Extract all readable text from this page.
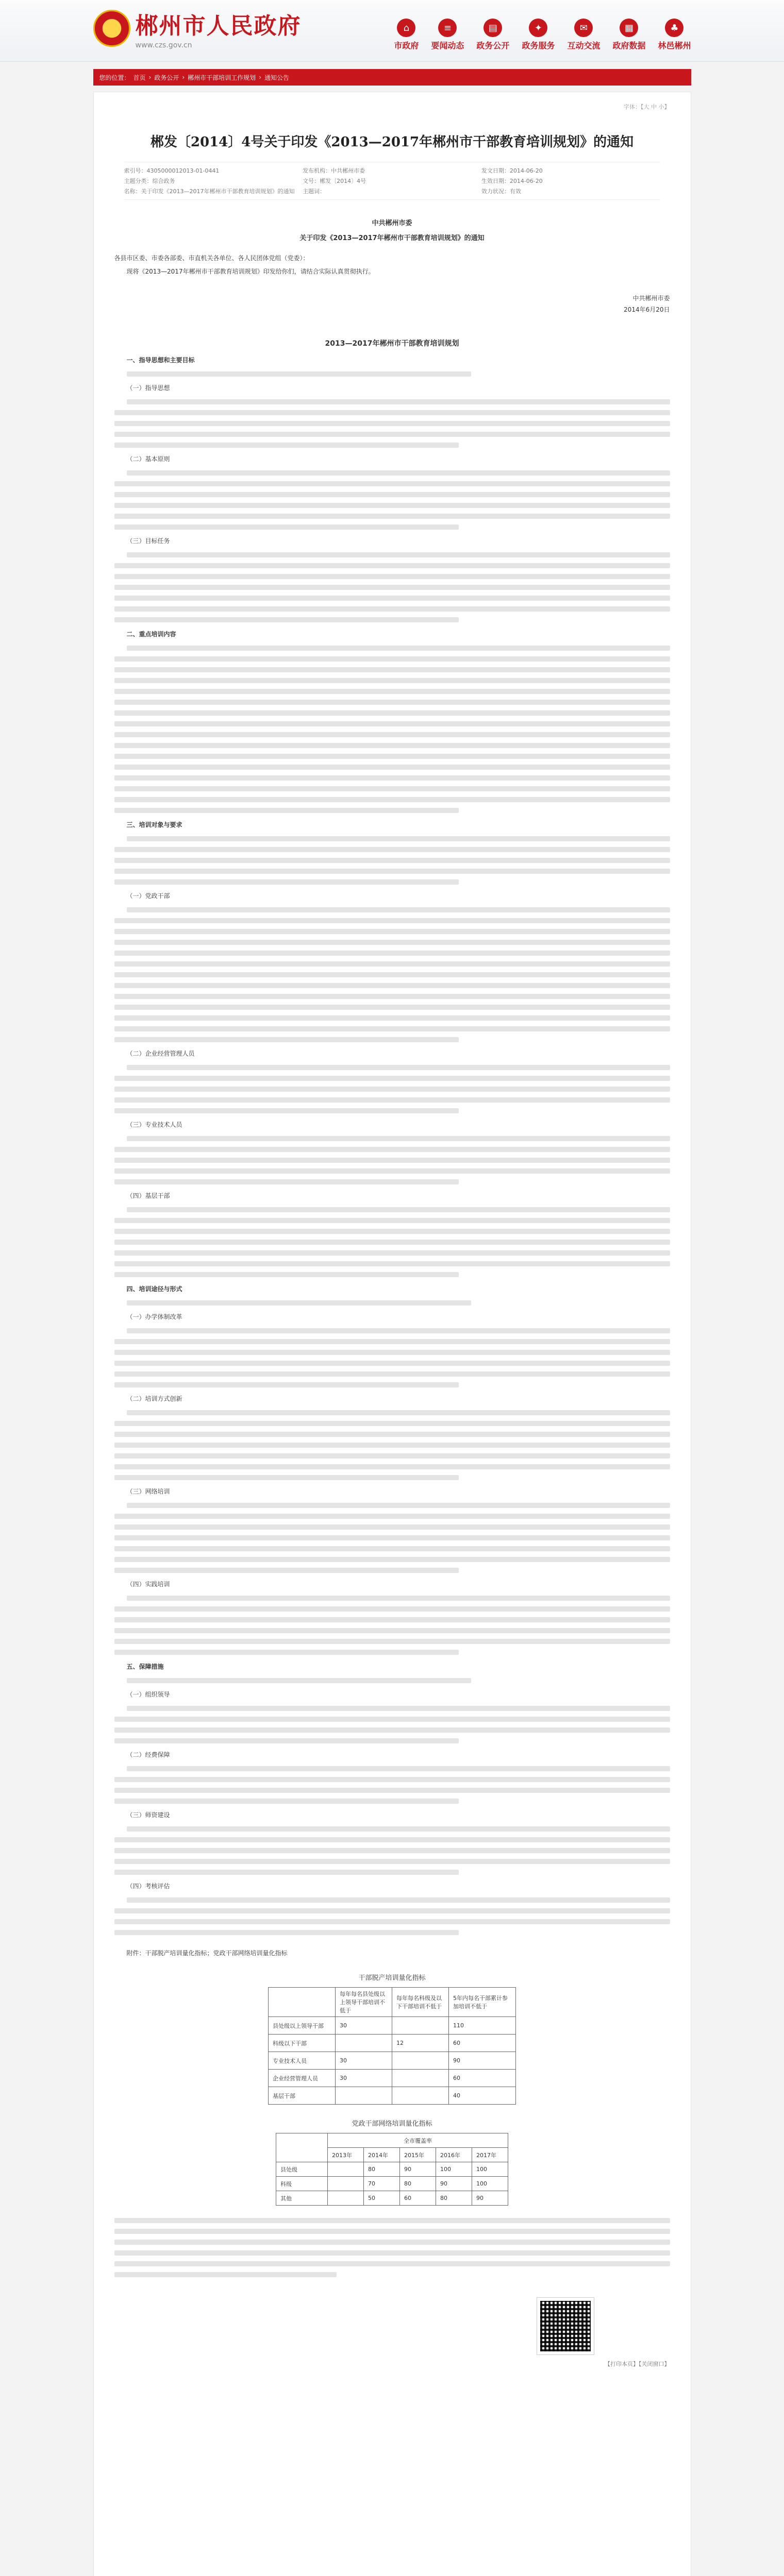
郴州市人民政府
www.czs.gov.cn
⌂
市政府
≡
要闻动态
▤
政务公开
✦
政务服务
✉
互动交流
▦
政府数据
♣
林邑郴州
您的位置： 首页 › 政务公开 › 郴州市干部培训工作规划 › 通知公告
字体：【大 中 小】
郴发〔2014〕4号关于印发《2013—2017年郴州市干部教育培训规划》的通知
索引号：4305000012013-01-0441	发布机构：中共郴州市委	发文日期：2014-06-20
主题分类：综合政务	文号：郴发〔2014〕4号	生效日期：2014-06-20
名称：关于印发《2013—2017年郴州市干部教育培训规划》的通知	主题词：	效力状况：有效
中共郴州市委
关于印发《2013—2017年郴州市干部教育培训规划》的通知

各县市区委、市委各部委、市直机关各单位、各人民团体党组（党委）：

现将《2013—2017年郴州市干部教育培训规划》印发给你们，请结合实际认真贯彻执行。

中共郴州市委
2014年6月20日
2013—2017年郴州市干部教育培训规划
一、指导思想和主要目标
（一）指导思想
（二）基本原则
（三）目标任务
二、重点培训内容
三、培训对象与要求
（一）党政干部
（二）企业经营管理人员
（三）专业技术人员
（四）基层干部
四、培训途径与形式
（一）办学体制改革
（二）培训方式创新
（三）网络培训
（四）实践培训
五、保障措施
（一）组织领导
（二）经费保障
（三）师资建设
（四）考核评估

附件：干部脱产培训量化指标；党政干部网络培训量化指标

干部脱产培训量化指标
	每年每名县处级以上领导干部培训不低于	每年每名科级及以下干部培训不低于	5年内每名干部累计参加培训不低于
县处级以上领导干部	30		110
科级以下干部		12	60
专业技术人员	30		90
企业经营管理人员	30		60
基层干部			40
党政干部网络培训量化指标
	全市覆盖率				
	2013年	2014年	2015年	2016年	2017年
县处级		80	90	100	100
科级		70	80	90	100
其他		50	60	80	90
【打印本页】【关闭窗口】
